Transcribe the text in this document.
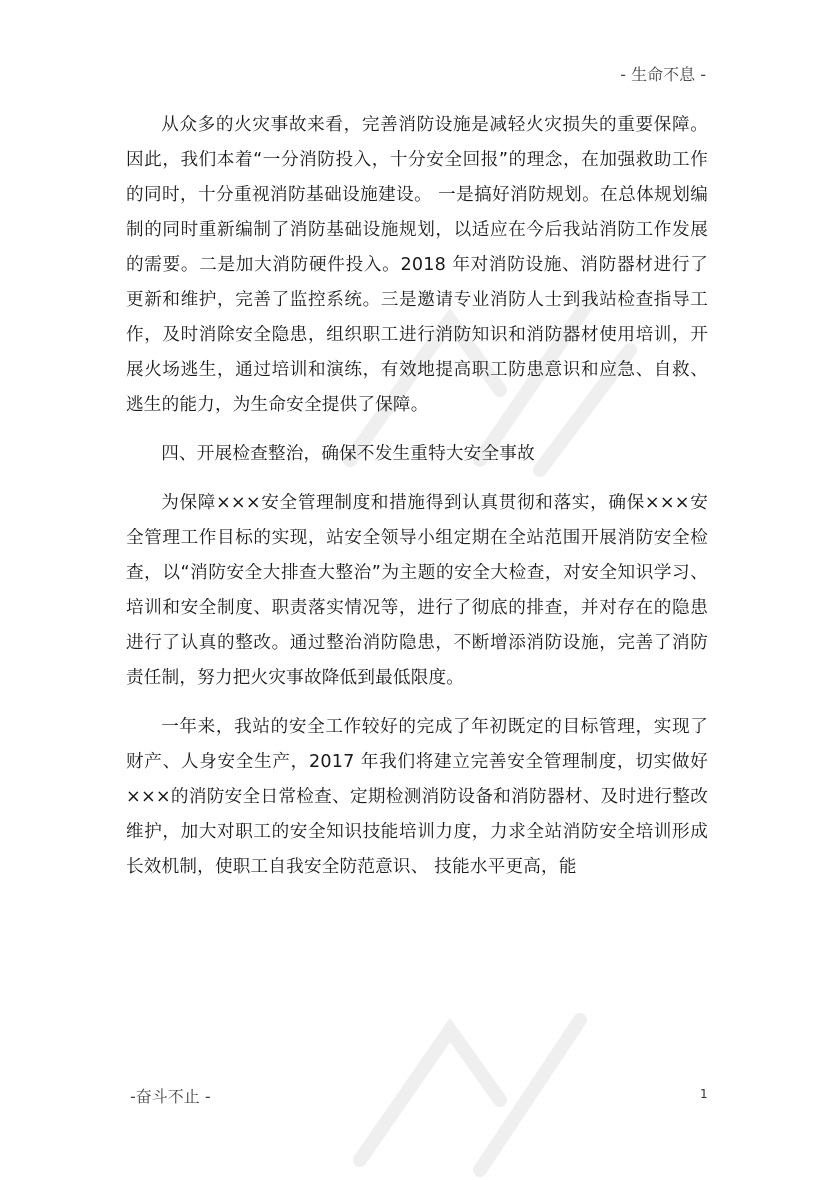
- 生命不息 -

从众多的火灾事故来看，完善消防设施是减轻火灾损失的重要保障。因此，我们本着“一分消防投入，十分安全回报”的理念，在加强救助工作的同时，十分重视消防基础设施建设。 一是搞好消防规划。在总体规划编制的同时重新编制了消防基础设施规划，以适应在今后我站消防工作发展的需要。二是加大消防硬件投入。2018 年对消防设施、消防器材进行了更新和维护，完善了监控系统。三是邀请专业消防人士到我站检查指导工作，及时消除安全隐患，组织职工进行消防知识和消防器材使用培训，开展火场逃生，通过培训和演练，有效地提高职工防患意识和应急、自救、逃生的能力，为生命安全提供了保障。

四、开展检查整治，确保不发生重特大安全事故

为保障×××安全管理制度和措施得到认真贯彻和落实，确保×××安全管理工作目标的实现，站安全领导小组定期在全站范围开展消防安全检查，以“消防安全大排查大整治”为主题的安全大检查，对安全知识学习、培训和安全制度、职责落实情况等，进行了彻底的排查，并对存在的隐患进行了认真的整改。通过整治消防隐患，不断增添消防设施，完善了消防责任制，努力把火灾事故降低到最低限度。

一年来，我站的安全工作较好的完成了年初既定的目标管理，实现了财产、人身安全生产，2017 年我们将建立完善安全管理制度，切实做好×××的消防安全日常检查、定期检测消防设备和消防器材、及时进行整改维护，加大对职工的安全知识技能培训力度，力求全站消防安全培训形成长效机制，使职工自我安全防范意识、 技能水平更高，能

-奋斗不止 -	1
